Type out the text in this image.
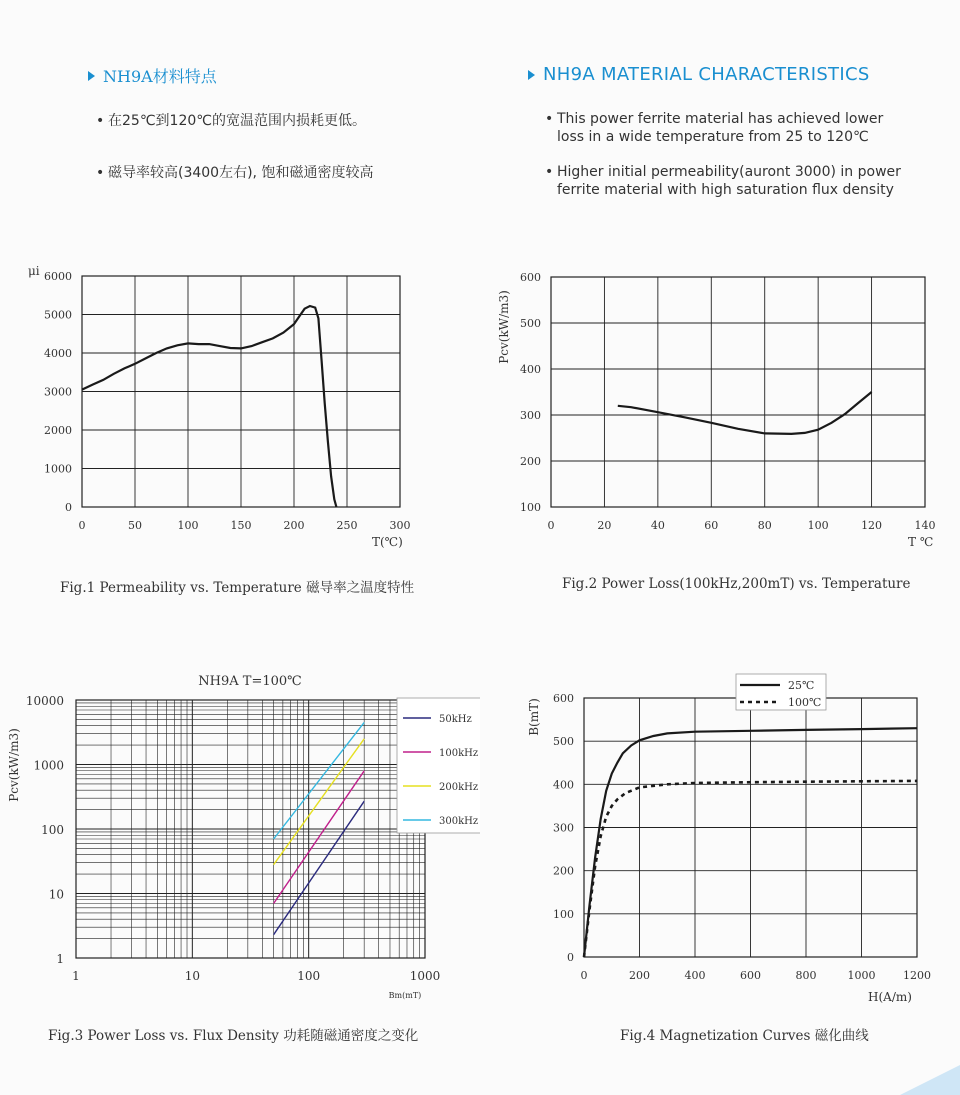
NH9A材料特点	NH9A MATERIAL CHARACTERISTICS
• 在25℃到120℃的宽温范围内损耗更低。
• 磁导率较高(3400左右), 饱和磁通密度较高
• This power ferrite material has achieved lower
loss in a wide temperature from 25 to 120℃
• Higher initial permeability(auront 3000) in power
ferrite material with high saturation flux density
0	50	100	150	200	250	300
0
1000
2000
3000
4000
5000
6000
μi
T(℃)
0	20	40	60	80	100	120	140
100
200
300
400
500
600
Pcv(kW/m3)
T ℃
NH9A T=100℃
1	10	100	1000
1
10
100
1000
10000
Pcv(kW/m3)
Bm(mT)
50kHz
100kHz
200kHz
300kHz
0	200	400	600	800	1000	1200
0
100
200
300
400
500
600
B(mT)
H(A/m)
25℃
100℃
Fig.1 Permeability vs. Temperature 磁导率之温度特性	Fig.2 Power Loss(100kHz,200mT) vs. Temperature
Fig.3 Power Loss vs. Flux Density 功耗随磁通密度之变化	Fig.4 Magnetization Curves 磁化曲线
